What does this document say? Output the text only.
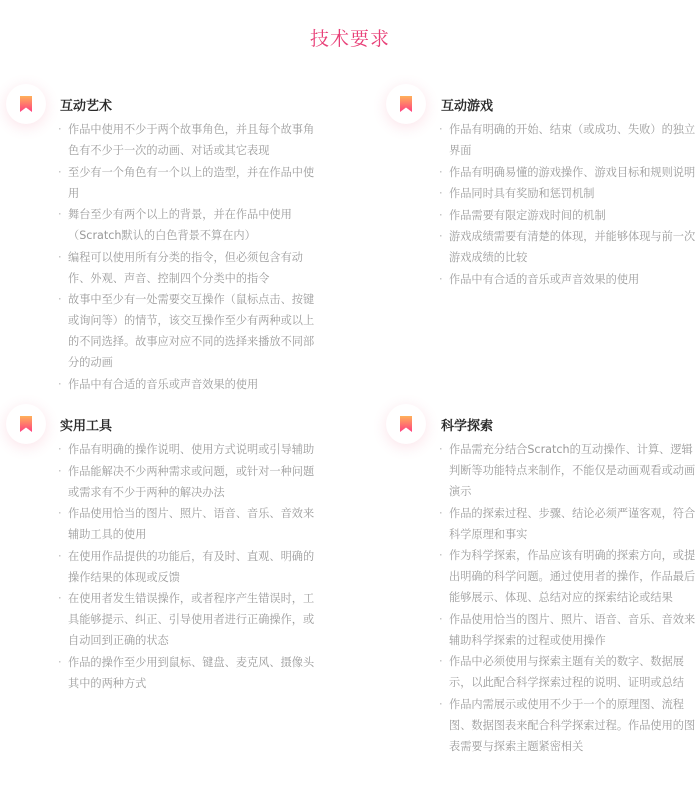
技术要求
互动艺术
· 作品中使用不少于两个故事角色，并且每个故事角色有不少于一次的动画、对话或其它表现
· 至少有一个角色有一个以上的造型，并在作品中使用
· 舞台至少有两个以上的背景，并在作品中使用（Scratch默认的白色背景不算在内）
· 编程可以使用所有分类的指令，但必须包含有动作、外观、声音、控制四个分类中的指令
· 故事中至少有一处需要交互操作（鼠标点击、按键或询问等）的情节，该交互操作至少有两种或以上的不同选择。故事应对应不同的选择来播放不同部分的动画
· 作品中有合适的音乐或声音效果的使用
互动游戏
· 作品有明确的开始、结束（或成功、失败）的独立界面
· 作品有明确易懂的游戏操作、游戏目标和规则说明
· 作品同时具有奖励和惩罚机制
· 作品需要有限定游戏时间的机制
· 游戏成绩需要有清楚的体现，并能够体现与前一次游戏成绩的比较
· 作品中有合适的音乐或声音效果的使用
实用工具
· 作品有明确的操作说明、使用方式说明或引导辅助
· 作品能解决不少两种需求或问题，或针对一种问题或需求有不少于两种的解决办法
· 作品使用恰当的图片、照片、语音、音乐、音效来辅助工具的使用
· 在使用作品提供的功能后，有及时、直观、明确的操作结果的体现或反馈
· 在使用者发生错误操作，或者程序产生错误时，工具能够提示、纠正、引导使用者进行正确操作，或自动回到正确的状态
· 作品的操作至少用到鼠标、键盘、麦克风、摄像头其中的两种方式
科学探索
· 作品需充分结合Scratch的互动操作、计算、逻辑判断等功能特点来制作，不能仅是动画观看或动画演示
· 作品的探索过程、步骤、结论必须严谨客观，符合科学原理和事实
· 作为科学探索，作品应该有明确的探索方向，或提出明确的科学问题。通过使用者的操作，作品最后能够展示、体现、总结对应的探索结论或结果
· 作品使用恰当的图片、照片、语音、音乐、音效来辅助科学探索的过程或使用操作
· 作品中必须使用与探索主题有关的数字、数据展示，以此配合科学探索过程的说明、证明或总结
· 作品内需展示或使用不少于一个的原理图、流程图、数据图表来配合科学探索过程。作品使用的图表需要与探索主题紧密相关
